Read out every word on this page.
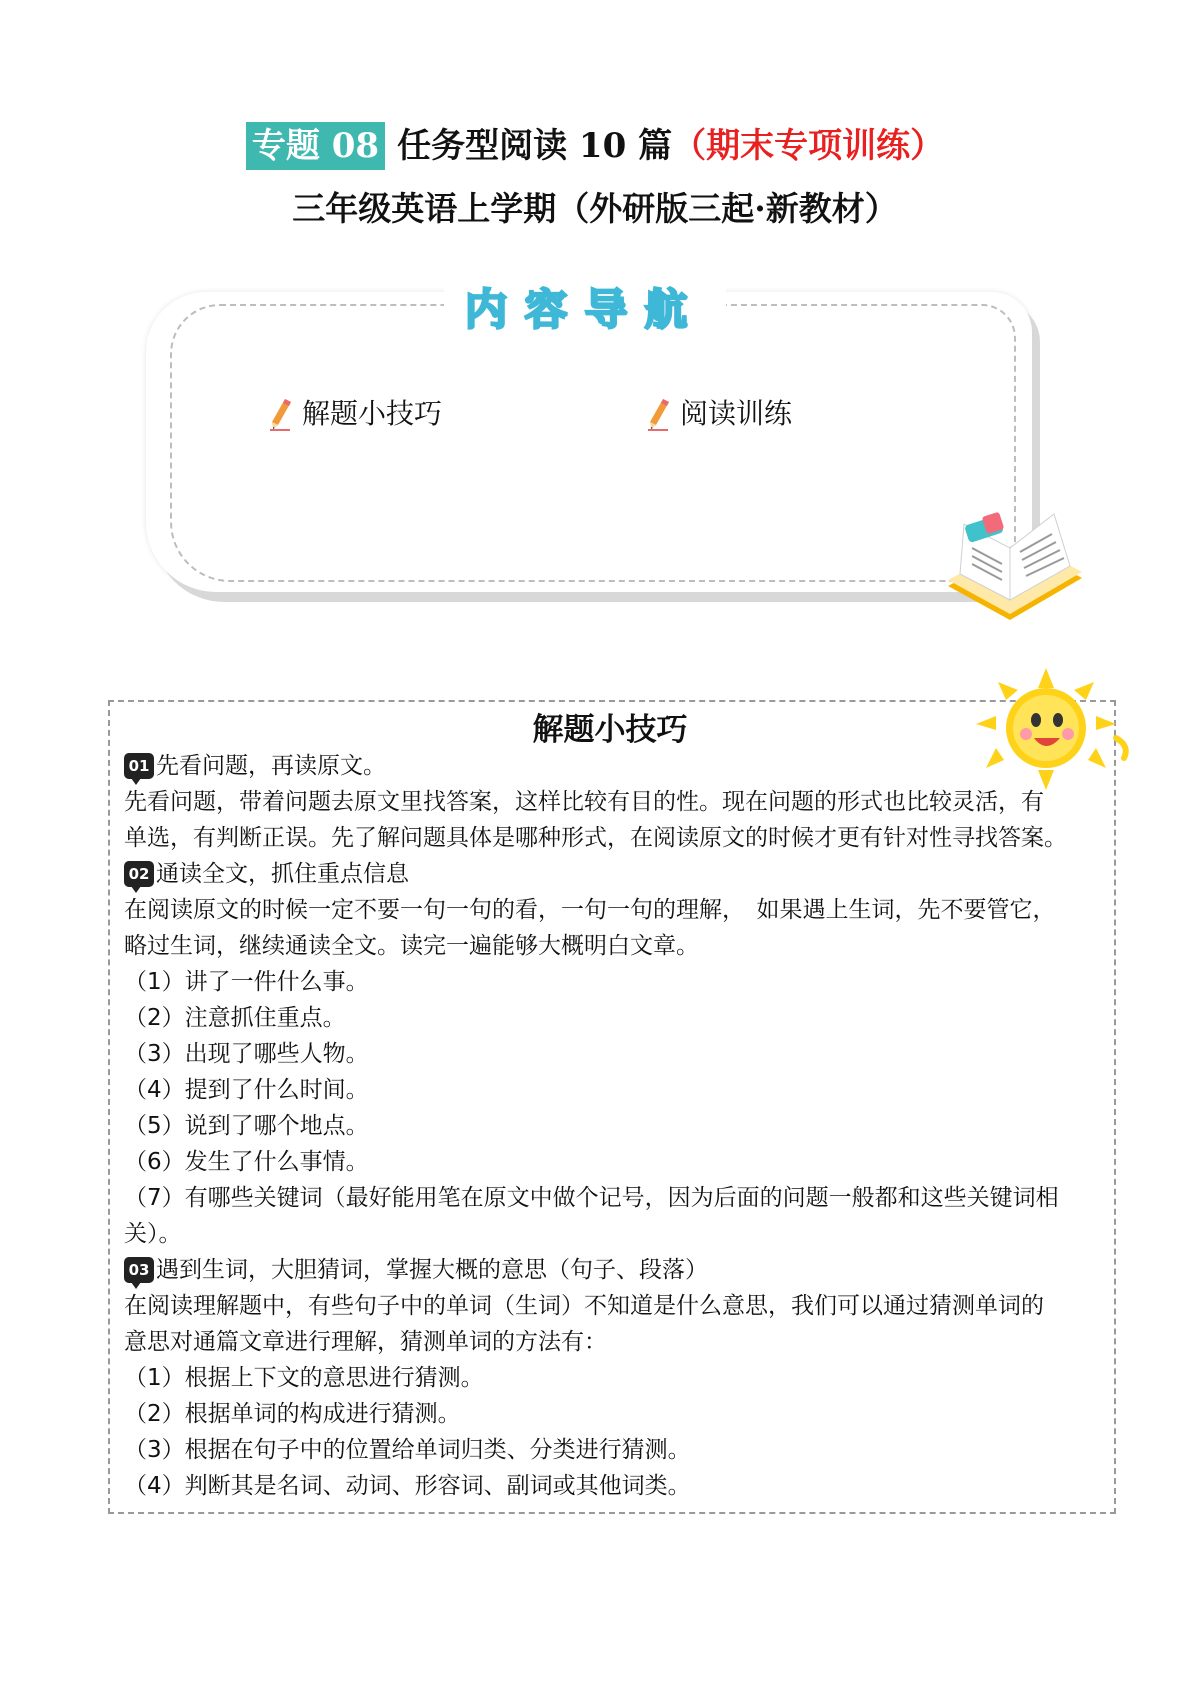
专题 08 任务型阅读 10 篇（期末专项训练）
三年级英语上学期（外研版三起·新教材）
内容导航
解题小技巧	阅读训练
解题小技巧

01 先看问题，再读原文。

先看问题，带着问题去原文里找答案，这样比较有目的性。现在问题的形式也比较灵活，有

单选，有判断正误。先了解问题具体是哪种形式，在阅读原文的时候才更有针对性寻找答案。

02 通读全文，抓住重点信息

在阅读原文的时候一定不要一句一句的看，一句一句的理解，　如果遇上生词，先不要管它，

略过生词，继续通读全文。读完一遍能够大概明白文章。

（1）讲了一件什么事。

（2）注意抓住重点。

（3）出现了哪些人物。

（4）提到了什么时间。

（5）说到了哪个地点。

（6）发生了什么事情。

（7）有哪些关键词（最好能用笔在原文中做个记号，因为后面的问题一般都和这些关键词相

关）。

03 遇到生词，大胆猜词，掌握大概的意思（句子、段落）

在阅读理解题中，有些句子中的单词（生词）不知道是什么意思，我们可以通过猜测单词的

意思对通篇文章进行理解，猜测单词的方法有：

（1）根据上下文的意思进行猜测。

（2）根据单词的构成进行猜测。

（3）根据在句子中的位置给单词归类、分类进行猜测。

（4）判断其是名词、动词、形容词、副词或其他词类。
